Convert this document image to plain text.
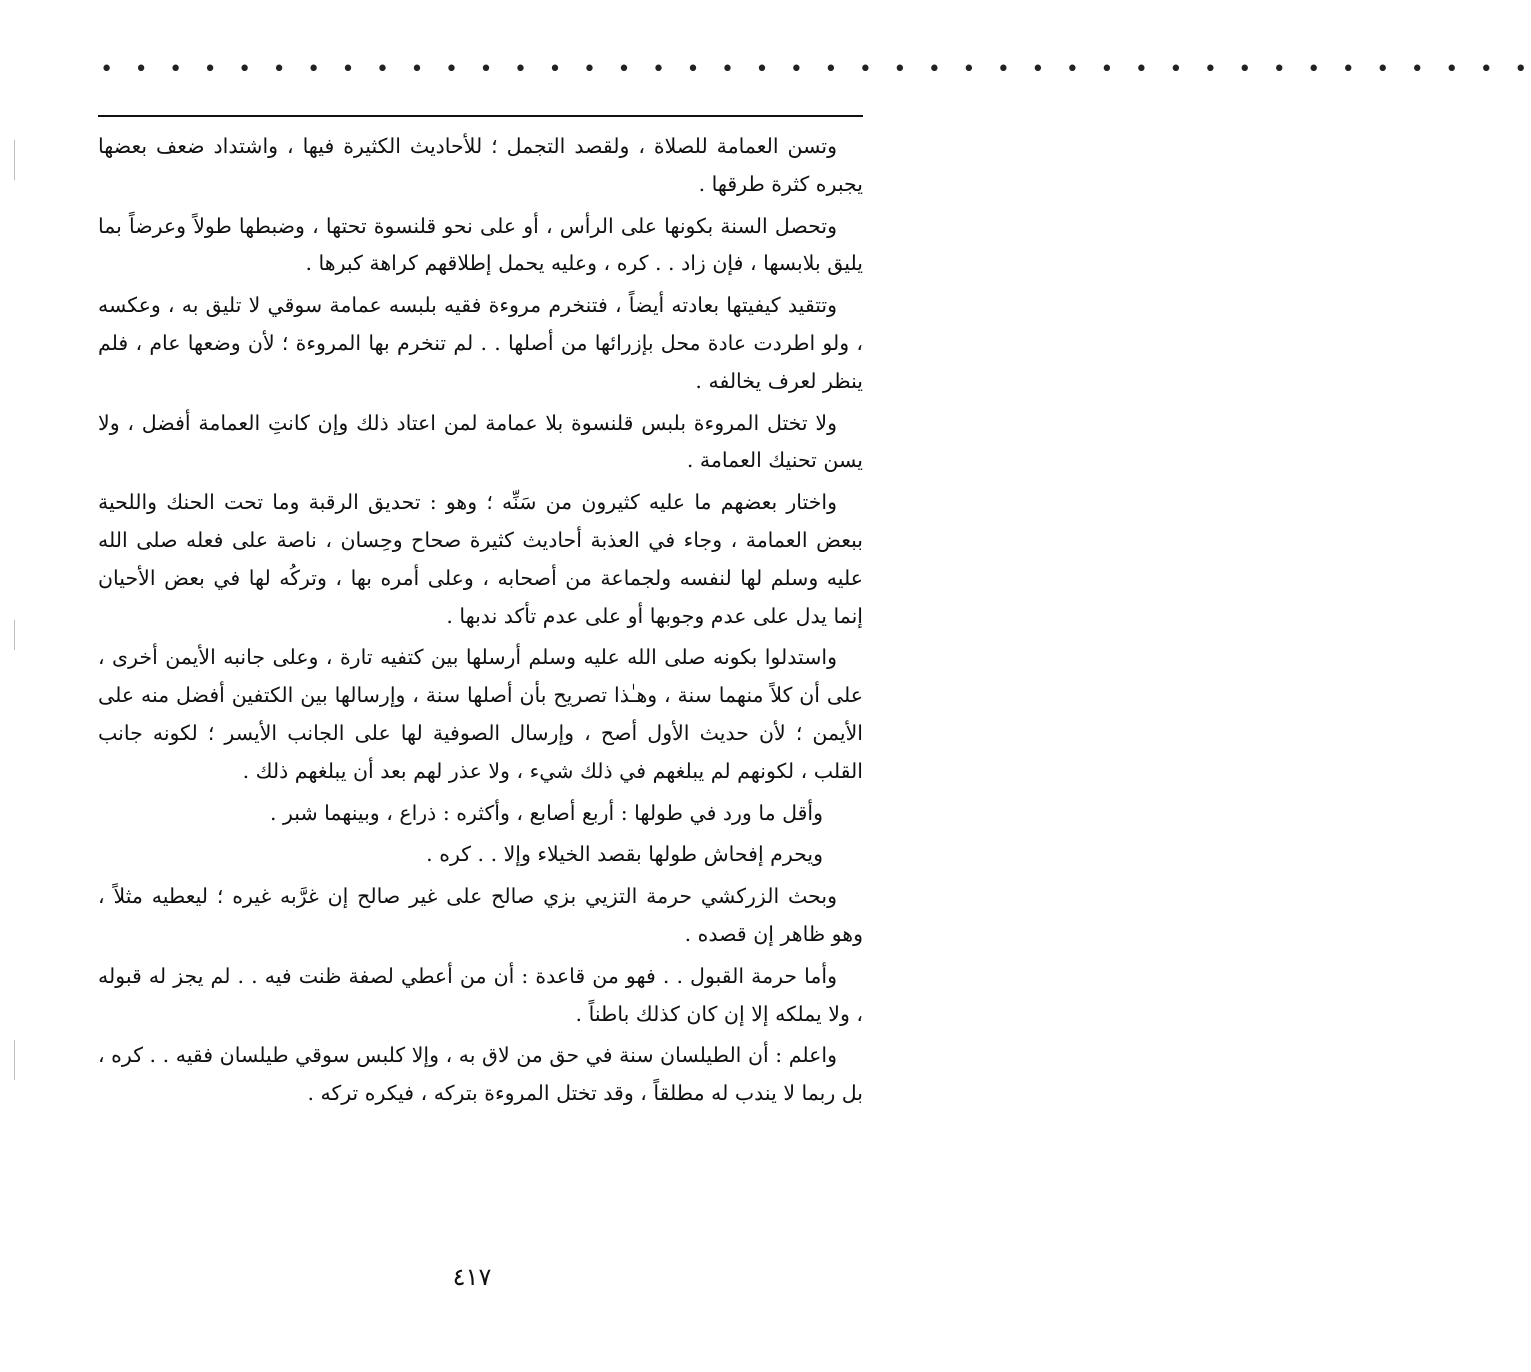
• • • • • • • • • • • • • • • • • • • • • • • • • • • • • • • • • • • • • • • • • •

وتسن العمامة للصلاة ، ولقصد التجمل ؛ للأحاديث الكثيرة فيها ، واشتداد ضعف بعضها يجبره كثرة طرقها .

وتحصل السنة بكونها على الرأس ، أو على نحو قلنسوة تحتها ، وضبطها طولاً وعرضاً بما يليق بلابسها ، فإن زاد . . كره ، وعليه يحمل إطلاقهم كراهة كبرها .

وتتقيد كيفيتها بعادته أيضاً ، فتنخرم مروءة فقيه بلبسه عمامة سوقي لا تليق به ، وعكسه ، ولو اطردت عادة محل بإزرائها من أصلها . . لم تنخرم بها المروءة ؛ لأن وضعها عام ، فلم ينظر لعرف يخالفه .

ولا تختل المروءة بلبس قلنسوة بلا عمامة لمن اعتاد ذلك وإن كانتِ العمامة أفضل ، ولا يسن تحنيك العمامة .

واختار بعضهم ما عليه كثيرون من سَنِّه ؛ وهو : تحديق الرقبة وما تحت الحنك واللحية ببعض العمامة ، وجاء في العذبة أحاديث كثيرة صحاح وحِسان ، ناصة على فعله صلى الله عليه وسلم لها لنفسه ولجماعة من أصحابه ، وعلى أمره بها ، وتركُه لها في بعض الأحيان إنما يدل على عدم وجوبها أو على عدم تأكد ندبها .

واستدلوا بكونه صلى الله عليه وسلم أرسلها بين كتفيه تارة ، وعلى جانبه الأيمن أخرى ، على أن كلاً منهما سنة ، وهـٰذا تصريح بأن أصلها سنة ، وإرسالها بين الكتفين أفضل منه على الأيمن ؛ لأن حديث الأول أصح ، وإرسال الصوفية لها على الجانب الأيسر ؛ لكونه جانب القلب ، لكونهم لم يبلغهم في ذلك شيء ، ولا عذر لهم بعد أن يبلغهم ذلك .

وأقل ما ورد في طولها : أربع أصابع ، وأكثره : ذراع ، وبينهما شبر .

ويحرم إفحاش طولها بقصد الخيلاء وإلا . . كره .

وبحث الزركشي حرمة التزيي بزي صالح على غير صالح إن غرَّبه غيره ؛ ليعطيه مثلاً ، وهو ظاهر إن قصده .

وأما حرمة القبول . . فهو من قاعدة : أن من أعطي لصفة ظنت فيه . . لم يجز له قبوله ، ولا يملكه إلا إن كان كذلك باطناً .

واعلم : أن الطيلسان سنة في حق من لاق به ، وإلا كلبس سوقي طيلسان فقيه . . كره ، بل ربما لا يندب له مطلقاً ، وقد تختل المروءة بتركه ، فيكره تركه .

٤١٧
